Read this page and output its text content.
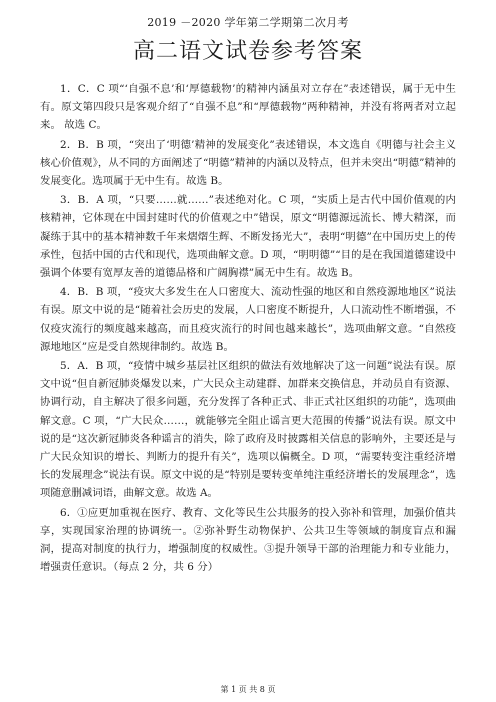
2019 －2020 学年第二学期第二次月考
高二语文试卷参考答案

1．C．C 项“‘自强不息’和‘厚德载物’的精神内涵虽对立存在”表述错误，属于无中生有。原文第四段只是客观介绍了“自强不息”和“厚德载物”两种精神，并没有将两者对立起来。 故选 C。

2．B．B 项，“突出了‘明德’精神的发展变化”表述错误，本文选自《明德与社会主义核心价值观》，从不同的方面阐述了“明德”精神的内涵以及特点，但并未突出“明德”精神的发展变化。选项属于无中生有。故选 B。

3．B．A 项，“只要……就……”表述绝对化。C 项，“实质上是古代中国价值观的内核精神，它体现在中国封建时代的价值观之中”错误，原文“明德源远流长、博大精深，而凝练于其中的基本精神数千年来熠熠生辉、不断发扬光大”，表明“明德”在中国历史上的传承性，包括中国的古代和现代，选项曲解文意。D 项，“明明德”“目的是在我国道德建设中强调个体要有宽厚友善的道德品格和广阔胸襟”属无中生有。故选 B。

4．B．B 项，“疫灾大多发生在人口密度大、流动性强的地区和自然疫源地地区”说法有误。原文中说的是“随着社会历史的发展，人口密度不断提升，人口流动性不断增强，不仅疫灾流行的频度越来越高，而且疫灾流行的时间也越来越长”，选项曲解文意。“自然疫源地地区”应是受自然规律制约。故选 B。

5．A．B 项，“疫情中城乡基层社区组织的做法有效地解决了这一问题”说法有误。原文中说“但自新冠肺炎爆发以来，广大民众主动建群、加群来交换信息，并动员自有资源、协调行动，自主解决了很多问题，充分发挥了各种正式、非正式社区组织的功能”，选项曲解文意。C 项，“广大民众……，就能够完全阻止谣言更大范围的传播”说法有误。原文中说的是“这次新冠肺炎各种谣言的消失，除了政府及时披露相关信息的影响外，主要还是与广大民众知识的增长、判断力的提升有关”，选项以偏概全。D 项，“需要转变注重经济增长的发展理念”说法有误。原文中说的是“特别是要转变单纯注重经济增长的发展理念”，选项随意删减词语，曲解文意。故选 A。

6．①应更加重视在医疗、教育、文化等民生公共服务的投入弥补和管理，加强价值共享，实现国家治理的协调统一。②弥补野生动物保护、公共卫生等领域的制度盲点和漏洞，提高对制度的执行力，增强制度的权威性。③提升领导干部的治理能力和专业能力，增强责任意识。（每点 2 分，共 6 分）

第 1 页 共 8 页
